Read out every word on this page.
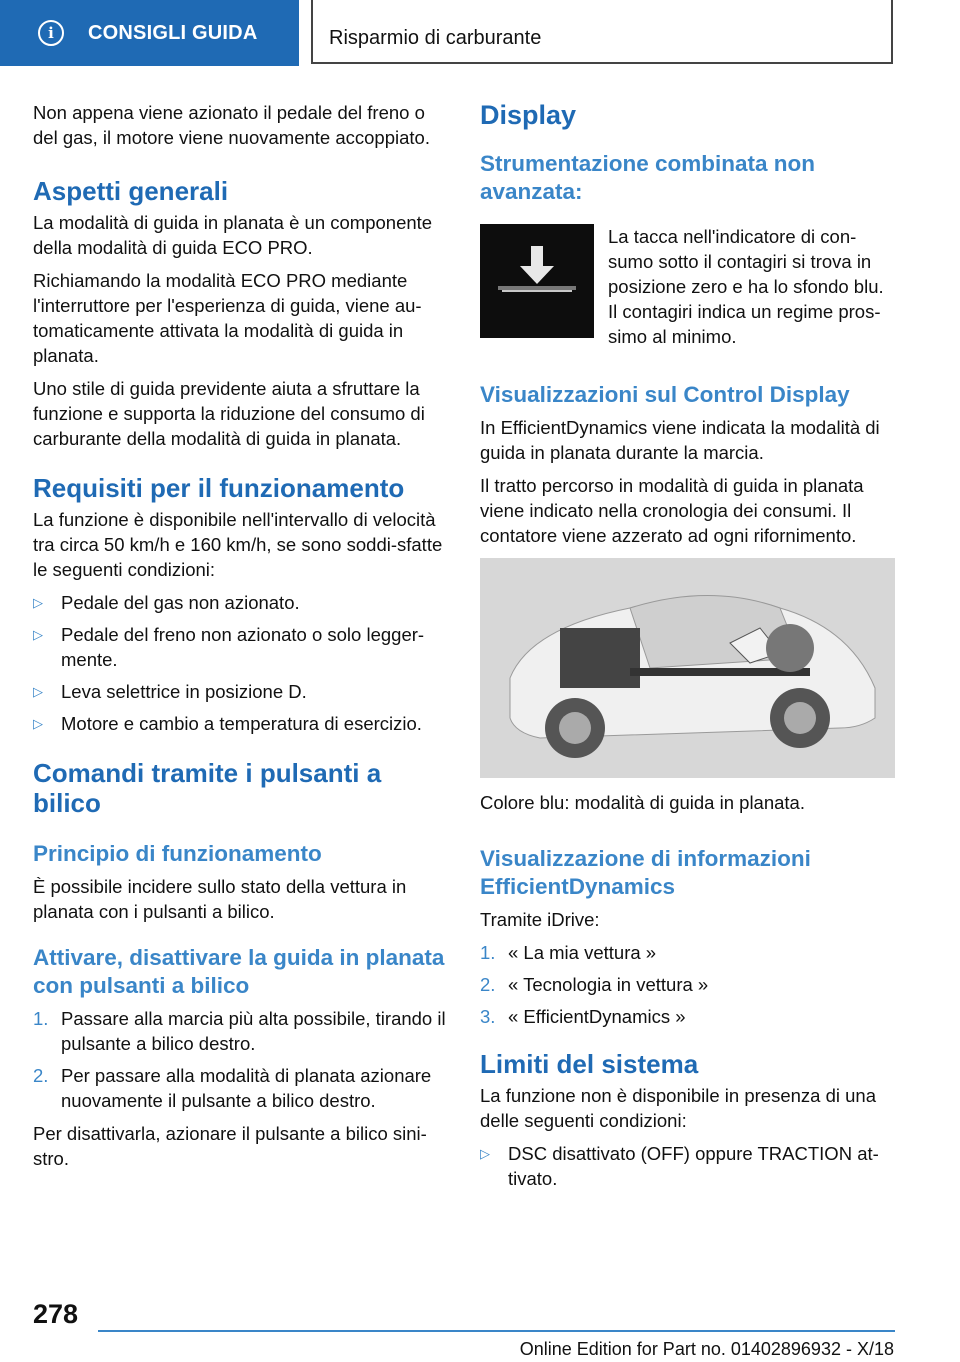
i	CONSIGLI GUIDA	Risparmio di carburante

Non appena viene azionato il pedale del freno o del gas, il motore viene nuovamente accoppiato.

Aspetti generali

La modalità di guida in planata è un componente della modalità di guida ECO PRO.

Richiamando la modalità ECO PRO mediante l'interruttore per l'esperienza di guida, viene au-tomaticamente attivata la modalità di guida in planata.

Uno stile di guida previdente aiuta a sfruttare la funzione e supporta la riduzione del consumo di carburante della modalità di guida in planata.

Requisiti per il funzionamento

La funzione è disponibile nell'intervallo di velocità tra circa 50 km/h e 160 km/h, se sono soddi-sfatte le seguenti condizioni:

▷ Pedale del gas non azionato.
▷ Pedale del freno non azionato o solo legger-mente.
▷ Leva selettrice in posizione D.
▷ Motore e cambio a temperatura di esercizio.
Comandi tramite i pulsanti a bilico
Principio di funzionamento

È possibile incidere sullo stato della vettura in planata con i pulsanti a bilico.

Attivare, disattivare la guida in planata con pulsanti a bilico
1. Passare alla marcia più alta possibile, tirando il pulsante a bilico destro.
2. Per passare alla modalità di planata azionare nuovamente il pulsante a bilico destro.

Per disattivarla, azionare il pulsante a bilico sini-stro.

Display
Strumentazione combinata non avanzata:

La tacca nell'indicatore di con-sumo sotto il contagiri si trova in posizione zero e ha lo sfondo blu. Il contagiri indica un regime pros-simo al minimo.

Visualizzazioni sul Control Display

In EfficientDynamics viene indicata la modalità di guida in planata durante la marcia.

Il tratto percorso in modalità di guida in planata viene indicato nella cronologia dei consumi. Il contatore viene azzerato ad ogni rifornimento.

Colore blu: modalità di guida in planata.

Visualizzazione di informazioni EfficientDynamics

Tramite iDrive:

1. « La mia vettura »
2. « Tecnologia in vettura »
3. « EfficientDynamics »
Limiti del sistema

La funzione non è disponibile in presenza di una delle seguenti condizioni:

▷ DSC disattivato (OFF) oppure TRACTION at-tivato.
278
Online Edition for Part no. 01402896932 - X/18
